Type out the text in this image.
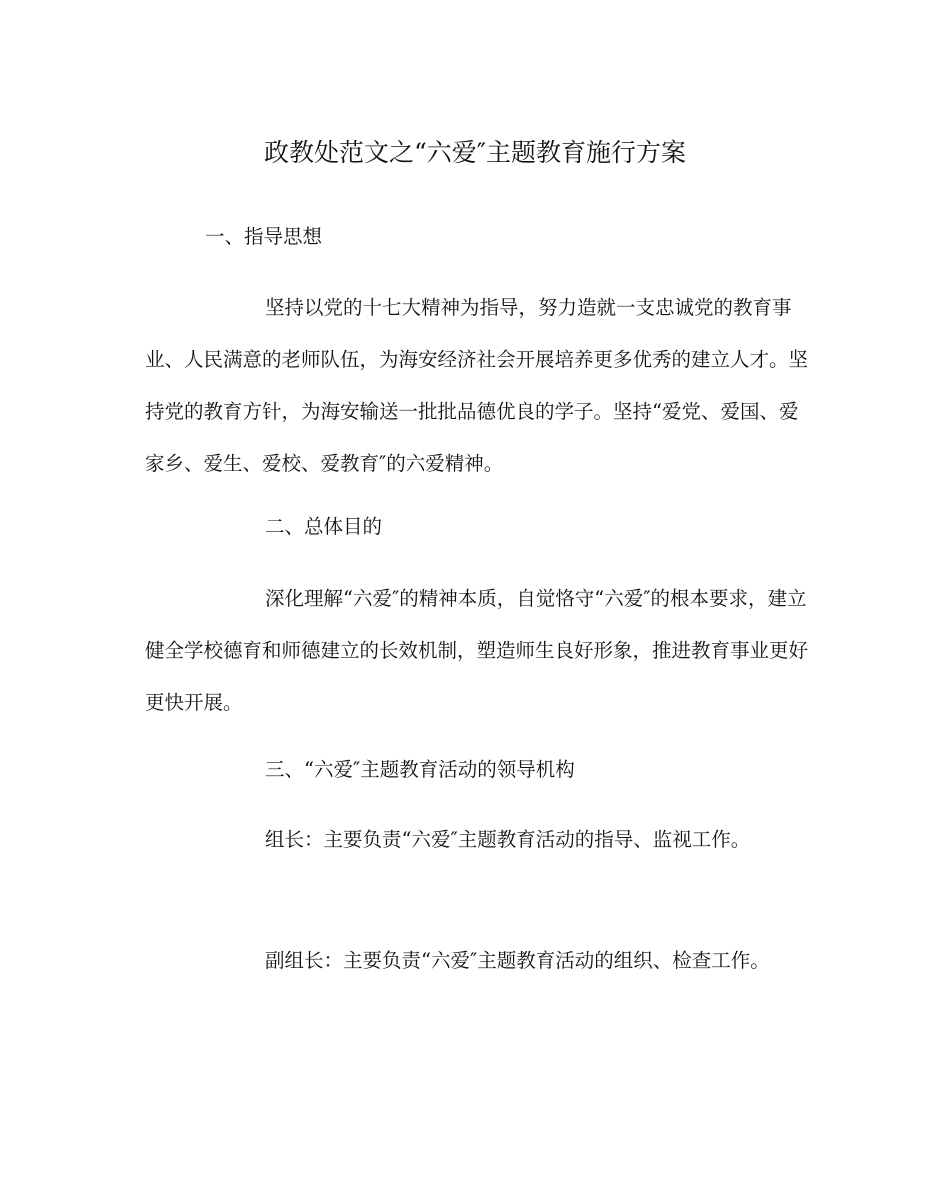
政教处范文之“六爱″主题教育施行方案
一、指导思想

坚持以党的十七大精神为指导，努力造就一支忠诚党的教育事业、人民满意的老师队伍，为海安经济社会开展培养更多优秀的建立人才。坚持党的教育方针，为海安输送一批批品德优良的学子。坚持“爱党、爱国、爱家乡、爱生、爱校、爱教育″的六爱精神。

二、总体目的

深化理解“六爱″的精神本质，自觉恪守“六爱″的根本要求，建立健全学校德育和师德建立的长效机制，塑造师生良好形象，推进教育事业更好更快开展。

三、“六爱″主题教育活动的领导机构

组长：主要负责“六爱″主题教育活动的指导、监视工作。

副组长：主要负责“六爱″主题教育活动的组织、检查工作。
